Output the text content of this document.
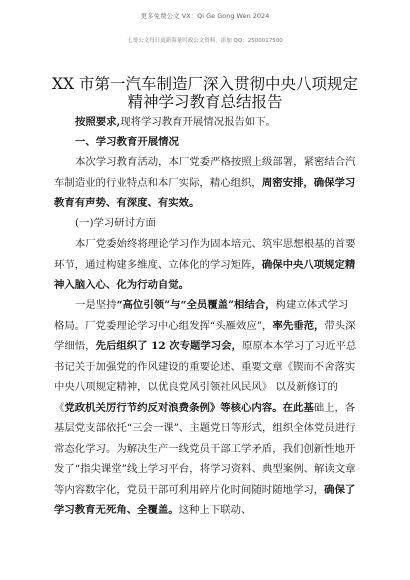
更多免费公文 VX：Qi Ge Gong Wen 2024
七哥公文每日更新海量时政公文资料，添加 QQ：2500017500
XX 市第一汽车制造厂深入贯彻中央八项规定
精神学习教育总结报告
按照要求,现将学习教育开展情况报告如下。
一、学习教育开展情况
本次学习教育活动，本厂党委严格按照上级部署，紧密结合汽车制造业的行业特点和本厂实际，精心组织，周密安排，确保学习教育有声势、有深度、有实效。
(一)学习研讨方面
本厂党委始终将理论学习作为固本培元、筑牢思想根基的首要环节，通过构建多维度、立体化的学习矩阵，确保中央八项规定精神入脑入心、化为行动自觉。
一是坚持“高位引领”与“全员覆盖”相结合，构建立体式学习格局。厂党委理论学习中心组发挥“头雁效应”，率先垂范，带头深学细悟，先后组织了 12 次专题学习会，原原本本学习了习近平总书记关于加强党的作风建设的重要论述、重要文章《锲而不舍落实中央八项规定精神，以优良党风引领社风民风》 以及新修订的《党政机关厉行节约反对浪费条例》等核心内容。在此基础上，各基层党支部依托“三会一课”、主题党日等形式，组织全体党员进行常态化学习。为解决生产一线党员干部工学矛盾，我们创新性地开发了“指尖课堂”线上学习平台，将学习资料、典型案例、解读文章等内容数字化，党员干部可利用碎片化时间随时随地学习，确保了学习教育无死角、全覆盖。这种上下联动、
